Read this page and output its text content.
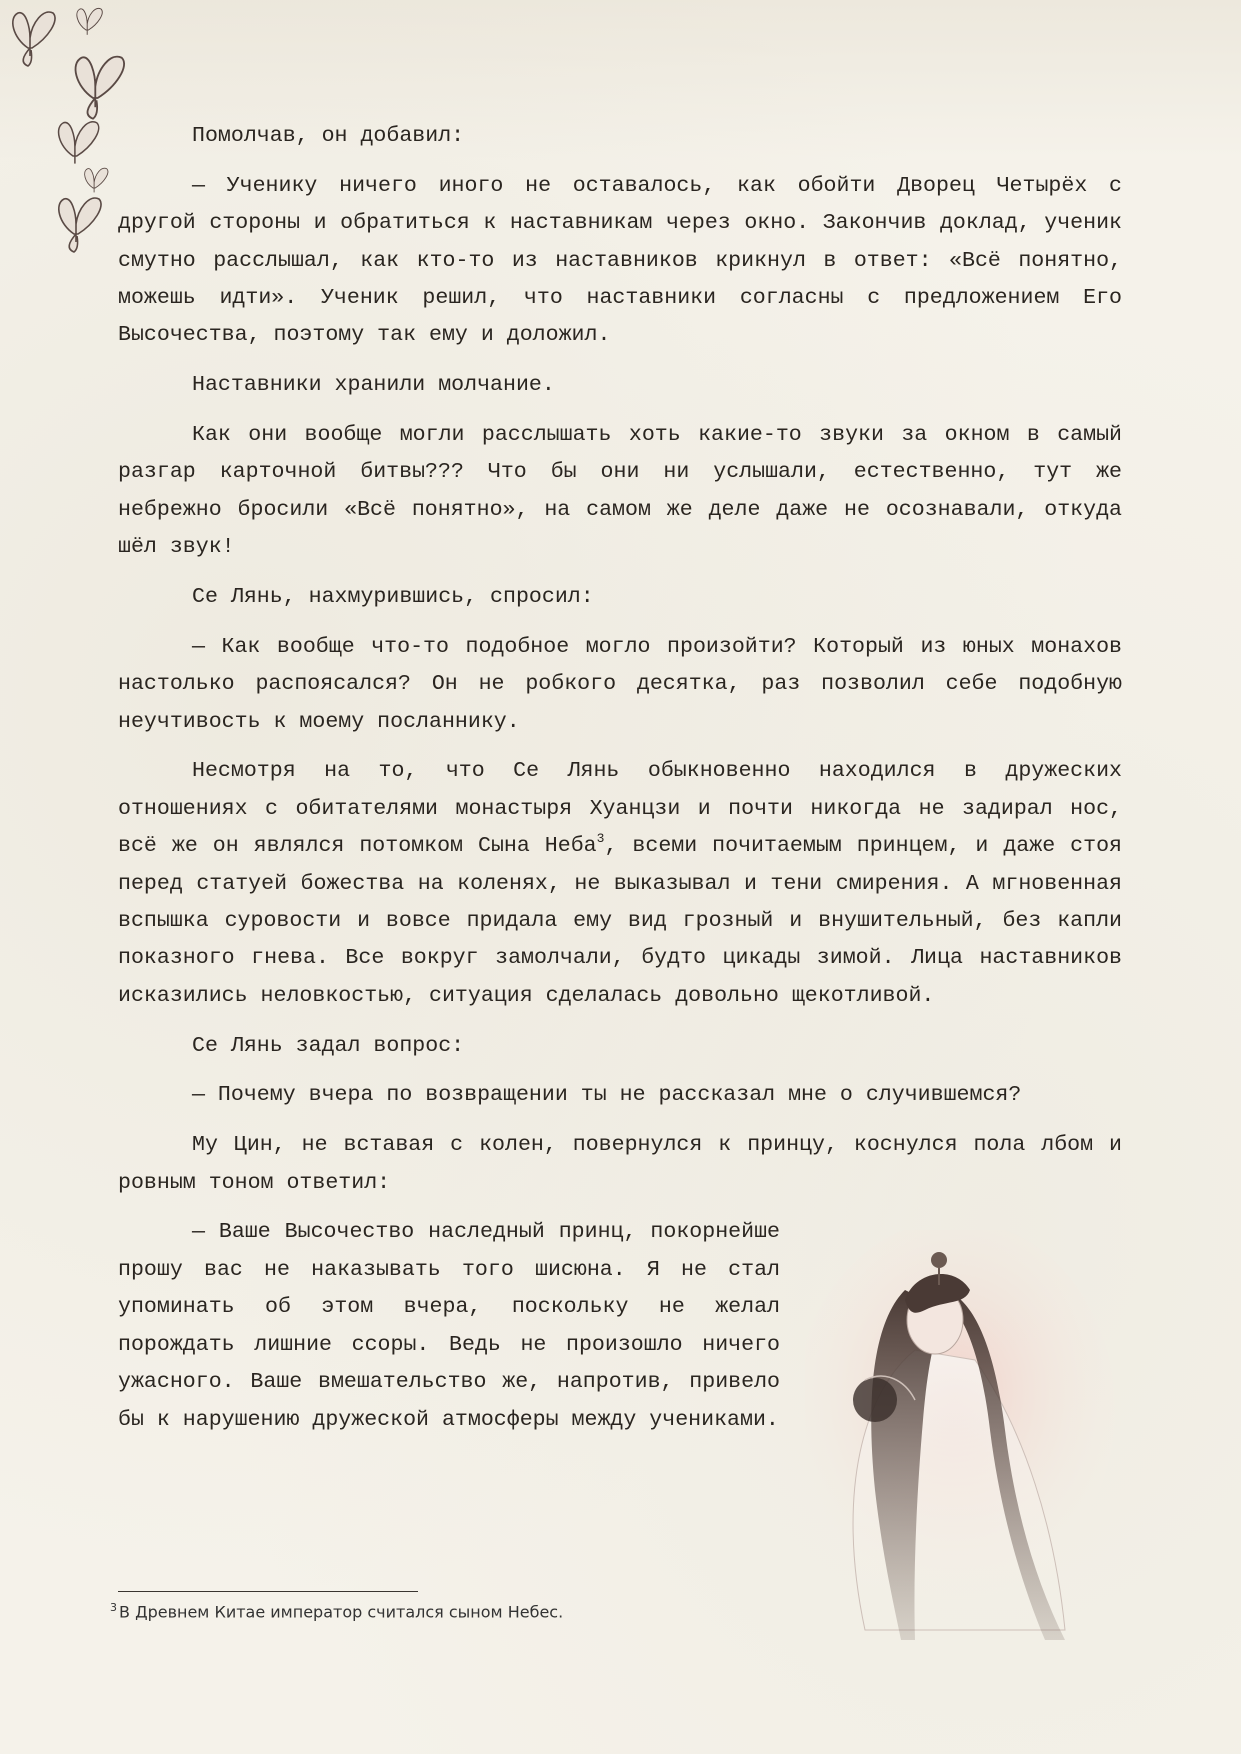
Помолчав, он добавил:

— Ученику ничего иного не оставалось, как обойти Дворец Четырёх с другой стороны и обратиться к наставникам через окно. Закончив доклад, ученик смутно расслышал, как кто-то из наставников крикнул в ответ: «Всё понятно, можешь идти». Ученик решил, что наставники согласны с предложением Его Высочества, поэтому так ему и доложил.

Наставники хранили молчание.

Как они вообще могли расслышать хоть какие-то звуки за окном в самый разгар карточной битвы??? Что бы они ни услышали, естественно, тут же небрежно бросили «Всё понятно», на самом же деле даже не осознавали, откуда шёл звук!

Се Лянь, нахмурившись, спросил:

— Как вообще что-то подобное могло произойти? Который из юных монахов настолько распоясался? Он не робкого десятка, раз позволил себе подобную неучтивость к моему посланнику.

Несмотря на то, что Се Лянь обыкновенно находился в дружеских отношениях с обитателями монастыря Хуанцзи и почти никогда не задирал нос, всё же он являлся потомком Сына Неба$^3$, всеми почитаемым принцем, и даже стоя перед статуей божества на коленях, не выказывал и тени смирения. А мгновенная вспышка суровости и вовсе придала ему вид грозный и внушительный, без капли показного гнева. Все вокруг замолчали, будто цикады зимой. Лица наставников исказились неловкостью, ситуация сделалась довольно щекотливой.

Се Лянь задал вопрос:

— Почему вчера по возвращении ты не рассказал мне о случившемся?

Му Цин, не вставая с колен, повернулся к принцу, коснулся пола лбом и ровным тоном ответил:

— Ваше Высочество наследный принц, покорнейше прошу вас не наказывать того шисюна. Я не стал упоминать об этом вчера, поскольку не желал порождать лишние ссоры. Ведь не произошло ничего ужасного. Ваше вмешательство же, напротив, привело бы к нарушению дружеской атмосферы между учениками.

$^3$ В Древнем Китае император считался сыном Небес.
